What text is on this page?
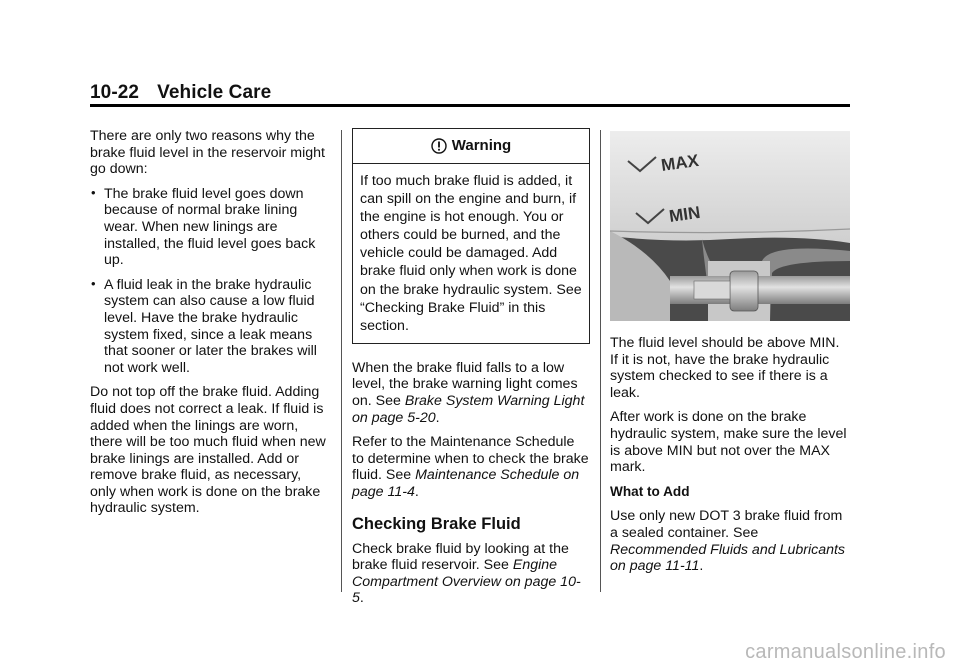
10-22 Vehicle Care

There are only two reasons why the brake fluid level in the reservoir might go down:

• The brake fluid level goes down because of normal brake lining wear. When new linings are installed, the fluid level goes back up.
• A fluid leak in the brake hydraulic system can also cause a low fluid level. Have the brake hydraulic system fixed, since a leak means that sooner or later the brakes will not work well.

Do not top off the brake fluid. Adding fluid does not correct a leak. If fluid is added when the linings are worn, there will be too much fluid when new brake linings are installed. Add or remove brake fluid, as necessary, only when work is done on the brake hydraulic system.

Warning
If too much brake fluid is added, it can spill on the engine and burn, if the engine is hot enough. You or others could be burned, and the vehicle could be damaged. Add brake fluid only when work is done on the brake hydraulic system. See “Checking Brake Fluid” in this section.

When the brake fluid falls to a low level, the brake warning light comes on. See Brake System Warning Light on page 5-20.

Refer to the Maintenance Schedule to determine when to check the brake fluid. See Maintenance Schedule on page 11-4.

Checking Brake Fluid

Check brake fluid by looking at the brake fluid reservoir. See Engine Compartment Overview on page 10-5.

MAX
MIN

The fluid level should be above MIN. If it is not, have the brake hydraulic system checked to see if there is a leak.

After work is done on the brake hydraulic system, make sure the level is above MIN but not over the MAX mark.

What to Add

Use only new DOT 3 brake fluid from a sealed container. See Recommended Fluids and Lubricants on page 11-11.

carmanualsonline.info
